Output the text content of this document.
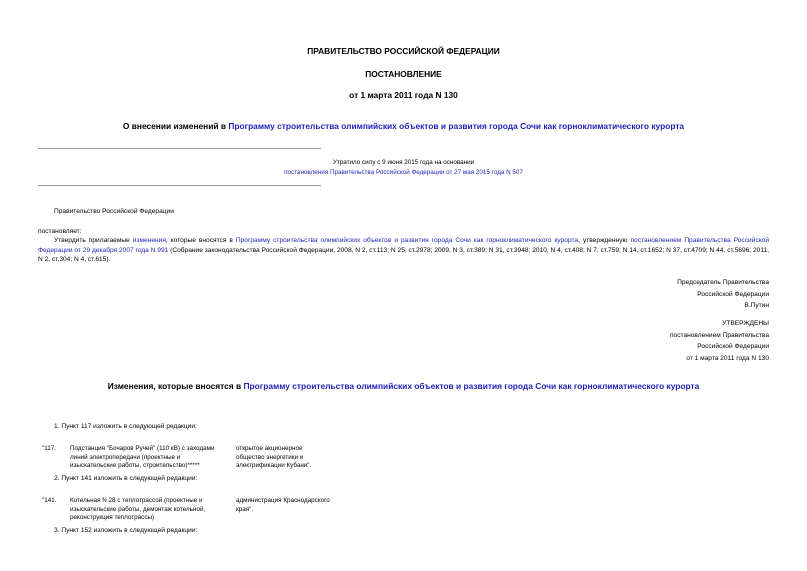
ПРАВИТЕЛЬСТВО РОССИЙСКОЙ ФЕДЕРАЦИИ
ПОСТАНОВЛЕНИЕ
от 1 марта 2011 года N 130
О внесении изменений в Программу строительства олимпийских объектов и развития города Сочи как горноклиматического курорта
Утратило силу с 9 июня 2015 года на основании
постановления Правительства Российской Федерации от 27 мая 2015 года N 507
Правительство Российской Федерации
постановляет:
Утвердить прилагаемые изменения, которые вносятся в Программу строительства олимпийских объектов и развития города Сочи как горноклиматического курорта, утвержденную постановлением Правительства Российской Федерации от 29 декабря 2007 года N 991 (Собрание законодательства Российской Федерации, 2008, N 2, ст.113; N 25, ст.2978; 2009, N 3, ст.389; N 31, ст.3948; 2010, N 4, ст.408; N 7, ст.759; N 14, ст.1652; N 37, ст.4709; N 44, ст.5696; 2011, N 2, ст.304; N 4, ст.615).
Председатель Правительства
Российской Федерации
В.Путин
УТВЕРЖДЕНЫ
постановлением Правительства
Российской Федерации
от 1 марта 2011 года N 130
Изменения, которые вносятся в Программу строительства олимпийских объектов и развития города Сочи как горноклиматического курорта
1. Пункт 117 изложить в следующей редакции:
"117. Подстанция "Бочаров Ручей" (110 кВ) с заходами
линий электропередачи (проектные и
изыскательские работы, строительство)*****
открытое акционерное
общество энергетики и
электрификации Кубани".
2. Пункт 141 изложить в следующей редакции:
"141. Котельная N 28 с теплотрассой (проектные и
изыскательские работы, демонтаж котельной,
реконструкция теплотрассы)
администрация Краснодарского
края".
3. Пункт 152 изложить в следующей редакции:
